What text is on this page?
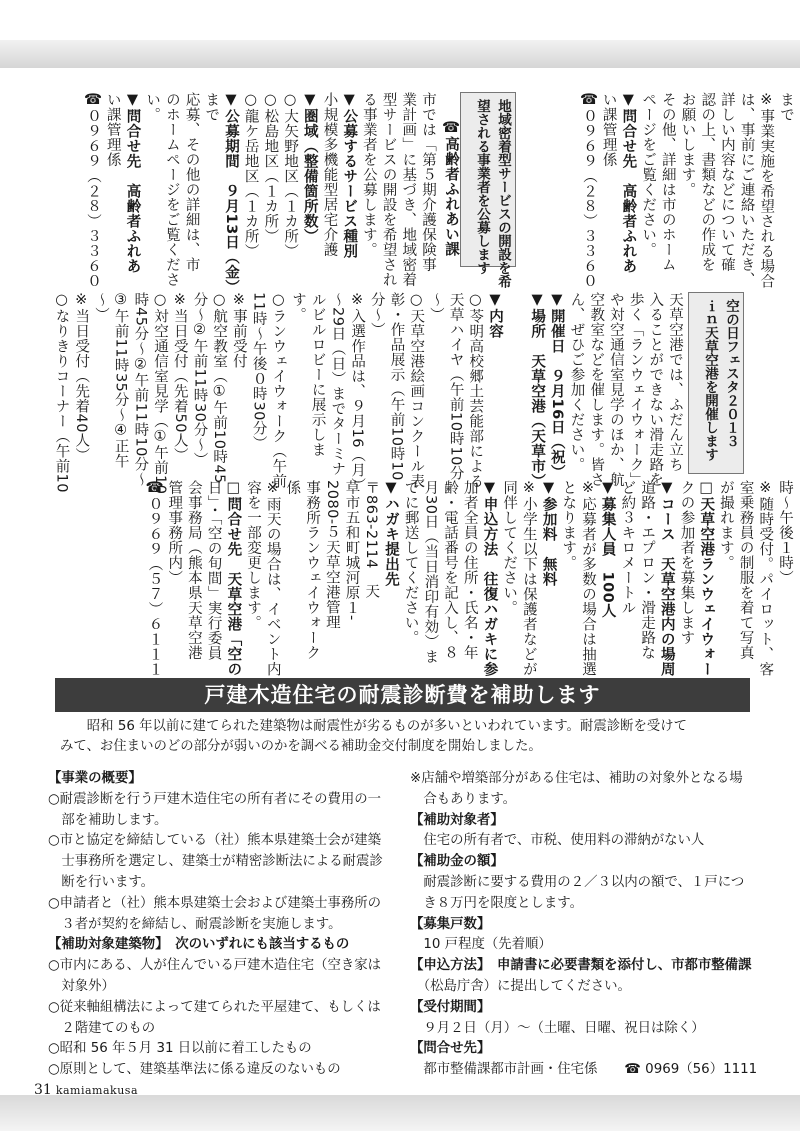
まで
※事業実施を希望される場合
は、事前にご連絡いただき、
詳しい内容などについて確
認の上、書類などの作成を
お願いします。
その他、詳細は市のホーム
ページをご覧ください。
▼問合せ先　高齢者ふれあ
い課管理係
☎０９６９（２８）３３６０
地域密着型サービスの開設を希
望される事業者を公募します
☎高齢者ふれあい課
市では「第５期介護保険事
業計画」に基づき、地域密着
型サービスの開設を希望され
る事業者を公募します。
▼公募するサービス種別
小規模多機能型居宅介護
▼圏域（整備箇所数）
○大矢野地区（１カ所）
○松島地区（１カ所）
○龍ケ岳地区（１カ所）
▼公募期間　９月13日（金）
まで
応募、その他の詳細は、市
のホームページをご覧くださ
い。
▼問合せ先　高齢者ふれあ
い課管理係
☎０９６９（２８）３３６０
空の日フェスタ２０１３
ｉｎ天草空港を開催します
天草空港では、ふだん立ち
入ることができない滑走路を
歩く「ランウェイウォーク」
や対空通信室見学のほか、航
空教室などを催します。皆さ
ん、ぜひご参加ください。
▼開催日　９月16日（祝）
▼場所　天草空港（天草市）
▼内容
○苓明高校郷土芸能部による
天草ハイヤ（午前10時10分
～）
○天草空港絵画コンクール表
彰・作品展示（午前10時10
分～）
※入選作品は、９月16（月）
～29日（日）までターミナ
ルビルロビーに展示しま
す。
○ランウェイウォーク（午前
11時～午後０時30分）
※事前受付
○航空教室（①午前10時45
分～②午前11時30分～）
※当日受付（先着50人）
○対空通信室見学（①午前10
時45分～②午前11時10分～
③午前11時35分～④正午
～）
※当日受付（先着40人）
○なりきりコーナー（午前10
時～午後１時）
※随時受付。パイロット、客
室乗務員の制服を着て写真
が撮れます。
□天草空港ランウェイウォー
クの参加者を募集します
▼コース　天草空港内の場周
道路・エプロン・滑走路な
ど約３キロメートル
▼募集人員　100人
※応募者が多数の場合は抽選
となります。
▼参加料　無料
※小学生以下は保護者などが
同伴してください。
▼申込方法　往復ハガキに参
加者全員の住所・氏名・年
齢・電話番号を記入し、８
月30日（当日消印有効）ま
でに郵送してください。
▼ハガキ提出先
〒863-2114　天
草市五和町城河原１-
2080-５天草空港管理
事務所ランウェイウォーク
係
※雨天の場合は、イベント内
容を一部変更します。
□問合せ先　天草空港「空の
日」・「空の旬間」実行委員
会事務局（熊本県天草空港
管理事務所内）
☎０９６９（５７）６１１１
戸建木造住宅の耐震診断費を補助します
　　昭和 56 年以前に建てられた建築物は耐震性が劣るものが多いといわれています。耐震診断を受けて
みて、お住まいのどの部分が弱いのかを調べる補助金交付制度を開始しました。
【事業の概要】
○耐震診断を行う戸建木造住宅の所有者にその費用の一
　部を補助します。
○市と協定を締結している（社）熊本県建築士会が建築
　士事務所を選定し、建築士が精密診断法による耐震診
　断を行います。
○申請者と（社）熊本県建築士会および建築士事務所の
　３者が契約を締結し、耐震診断を実施します。
【補助対象建築物】　次のいずれにも該当するもの
○市内にある、人が住んでいる戸建木造住宅（空き家は
　対象外）
○従来軸組構法によって建てられた平屋建て、もしくは
　２階建てのもの
○昭和 56 年５月 31 日以前に着工したもの
○原則として、建築基準法に係る違反のないもの
※店舗や増築部分がある住宅は、補助の対象外となる場
　合もあります。
【補助対象者】
　住宅の所有者で、市税、使用料の滞納がない人
【補助金の額】
　耐震診断に要する費用の２／３以内の額で、１戸につ
　き８万円を限度とします。
【募集戸数】
　10 戸程度（先着順）
【申込方法】　申請書に必要書類を添付し、市都市整備課
　（松島庁舎）に提出してください。
【受付期間】
　９月２日（月）～（土曜、日曜、祝日は除く）
【問合せ先】
　都市整備課都市計画・住宅係　　☎ 0969（56）1111
31 kamiamakusa
